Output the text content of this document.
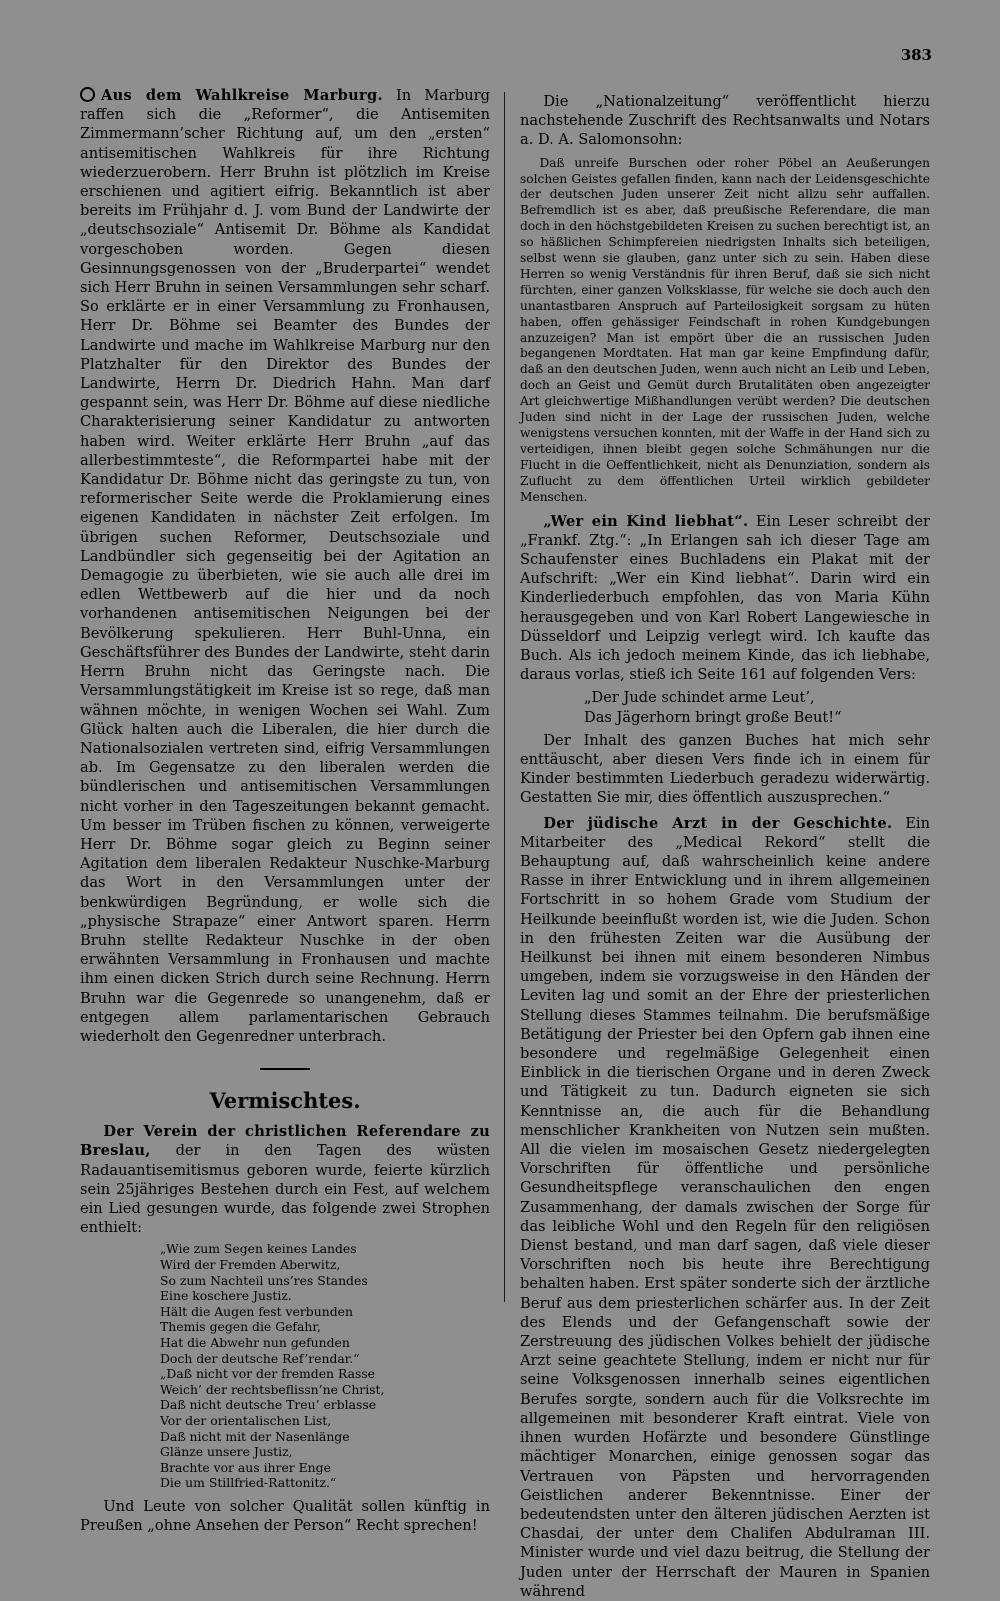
383

Aus dem Wahlkreise Marburg. In Marburg raffen sich die „Reformer“, die Antisemiten Zimmermann’scher Richtung auf, um den „ersten“ antisemitischen Wahlkreis für ihre Richtung wiederzuerobern. Herr Bruhn ist plötzlich im Kreise erschienen und agitiert eifrig. Bekanntlich ist aber bereits im Frühjahr d. J. vom Bund der Landwirte der „deutschsoziale“ Antisemit Dr. Böhme als Kandidat vorgeschoben worden. Gegen diesen Gesinnungsgenossen von der „Bruderpartei“ wendet sich Herr Bruhn in seinen Versammlungen sehr scharf. So erklärte er in einer Versammlung zu Fronhausen, Herr Dr. Böhme sei Beamter des Bundes der Landwirte und mache im Wahlkreise Marburg nur den Platzhalter für den Direktor des Bundes der Landwirte, Herrn Dr. Diedrich Hahn. Man darf gespannt sein, was Herr Dr. Böhme auf diese niedliche Charakterisierung seiner Kandidatur zu antworten haben wird. Weiter erklärte Herr Bruhn „auf das allerbestimmteste“, die Reformpartei habe mit der Kandidatur Dr. Böhme nicht das geringste zu tun, von reformerischer Seite werde die Proklamierung eines eigenen Kandidaten in nächster Zeit erfolgen. Im übrigen suchen Reformer, Deutschsoziale und Landbündler sich gegenseitig bei der Agitation an Demagogie zu überbieten, wie sie auch alle drei im edlen Wettbewerb auf die hier und da noch vorhandenen antisemitischen Neigungen bei der Bevölkerung spekulieren. Herr Buhl-Unna, ein Geschäftsführer des Bundes der Landwirte, steht darin Herrn Bruhn nicht das Geringste nach. Die Versammlungstätigkeit im Kreise ist so rege, daß man wähnen möchte, in wenigen Wochen sei Wahl. Zum Glück halten auch die Liberalen, die hier durch die Nationalsozialen vertreten sind, eifrig Versammlungen ab. Im Gegensatze zu den liberalen werden die bündlerischen und antisemitischen Versammlungen nicht vorher in den Tageszeitungen bekannt gemacht. Um besser im Trüben fischen zu können, verweigerte Herr Dr. Böhme sogar gleich zu Beginn seiner Agitation dem liberalen Redakteur Nuschke-Marburg das Wort in den Versammlungen unter der benkwürdigen Begründung, er wolle sich die „physische Strapaze“ einer Antwort sparen. Herrn Bruhn stellte Redakteur Nuschke in der oben erwähnten Versammlung in Fronhausen und machte ihm einen dicken Strich durch seine Rechnung. Herrn Bruhn war die Gegenrede so unangenehm, daß er entgegen allem parlamentarischen Gebrauch wiederholt den Gegenredner unterbrach.

Vermischtes.

Der Verein der christlichen Referendare zu Breslau, der in den Tagen des wüsten Radauantisemitismus geboren wurde, feierte kürzlich sein 25jähriges Bestehen durch ein Fest, auf welchem ein Lied gesungen wurde, das folgende zwei Strophen enthielt:

„Wie zum Segen keines Landes
Wird der Fremden Aberwitz,
So zum Nachteil uns’res Standes
Eine koschere Justiz.
Hält die Augen fest verbunden
Themis gegen die Gefahr,
Hat die Abwehr nun gefunden
Doch der deutsche Ref’rendar.“
„Daß nicht vor der fremden Rasse
Weich’ der rechtsbeflissn’ne Christ,
Daß nicht deutsche Treu’ erblasse
Vor der orientalischen List,
Daß nicht mit der Nasenlänge
Glänze unsere Justiz,
Brachte vor aus ihrer Enge
Die um Stillfried-Rattonitz.“

Und Leute von solcher Qualität sollen künftig in Preußen „ohne Ansehen der Person“ Recht sprechen!

Die „Nationalzeitung“ veröffentlicht hierzu nachstehende Zuschrift des Rechtsanwalts und Notars a. D. A. Salomonsohn:

Daß unreife Burschen oder roher Pöbel an Aeußerungen solchen Geistes gefallen finden, kann nach der Leidensgeschichte der deutschen Juden unserer Zeit nicht allzu sehr auffallen. Befremdlich ist es aber, daß preußische Referendare, die man doch in den höchstgebildeten Kreisen zu suchen berechtigt ist, an so häßlichen Schimpfereien niedrigsten Inhalts sich beteiligen, selbst wenn sie glauben, ganz unter sich zu sein. Haben diese Herren so wenig Verständnis für ihren Beruf, daß sie sich nicht fürchten, einer ganzen Volksklasse, für welche sie doch auch den unantastbaren Anspruch auf Parteilosigkeit sorgsam zu hüten haben, offen gehässiger Feindschaft in rohen Kundgebungen anzuzeigen? Man ist empört über die an russischen Juden begangenen Mordtaten. Hat man gar keine Empfindung dafür, daß an den deutschen Juden, wenn auch nicht an Leib und Leben, doch an Geist und Gemüt durch Brutalitäten oben angezeigter Art gleichwertige Mißhandlungen verübt werden? Die deutschen Juden sind nicht in der Lage der russischen Juden, welche wenigstens versuchen konnten, mit der Waffe in der Hand sich zu verteidigen, ihnen bleibt gegen solche Schmähungen nur die Flucht in die Oeffentlichkeit, nicht als Denunziation, sondern als Zuflucht zu dem öffentlichen Urteil wirklich gebildeter Menschen.

„Wer ein Kind liebhat“. Ein Leser schreibt der „Frankf. Ztg.“: „In Erlangen sah ich dieser Tage am Schaufenster eines Buchladens ein Plakat mit der Aufschrift: „Wer ein Kind liebhat“. Darin wird ein Kinderliederbuch empfohlen, das von Maria Kühn herausgegeben und von Karl Robert Langewiesche in Düsseldorf und Leipzig verlegt wird. Ich kaufte das Buch. Als ich jedoch meinem Kinde, das ich liebhabe, daraus vorlas, stieß ich Seite 161 auf folgenden Vers:

„Der Jude schindet arme Leut’,
Das Jägerhorn bringt große Beut!“

Der Inhalt des ganzen Buches hat mich sehr enttäuscht, aber diesen Vers finde ich in einem für Kinder bestimmten Liederbuch geradezu widerwärtig. Gestatten Sie mir, dies öffentlich auszusprechen.“

Der jüdische Arzt in der Geschichte. Ein Mitarbeiter des „Medical Rekord“ stellt die Behauptung auf, daß wahrscheinlich keine andere Rasse in ihrer Entwicklung und in ihrem allgemeinen Fortschritt in so hohem Grade vom Studium der Heilkunde beeinflußt worden ist, wie die Juden. Schon in den frühesten Zeiten war die Ausübung der Heilkunst bei ihnen mit einem besonderen Nimbus umgeben, indem sie vorzugsweise in den Händen der Leviten lag und somit an der Ehre der priesterlichen Stellung dieses Stammes teilnahm. Die berufsmäßige Betätigung der Priester bei den Opfern gab ihnen eine besondere und regelmäßige Gelegenheit einen Einblick in die tierischen Organe und in deren Zweck und Tätigkeit zu tun. Dadurch eigneten sie sich Kenntnisse an, die auch für die Behandlung menschlicher Krankheiten von Nutzen sein mußten. All die vielen im mosaischen Gesetz niedergelegten Vorschriften für öffentliche und persönliche Gesundheitspflege veranschaulichen den engen Zusammenhang, der damals zwischen der Sorge für das leibliche Wohl und den Regeln für den religiösen Dienst bestand, und man darf sagen, daß viele dieser Vorschriften noch bis heute ihre Berechtigung behalten haben. Erst später sonderte sich der ärztliche Beruf aus dem priesterlichen schärfer aus. In der Zeit des Elends und der Gefangenschaft sowie der Zerstreuung des jüdischen Volkes behielt der jüdische Arzt seine geachtete Stellung, indem er nicht nur für seine Volksgenossen innerhalb seines eigentlichen Berufes sorgte, sondern auch für die Volksrechte im allgemeinen mit besonderer Kraft eintrat. Viele von ihnen wurden Hofärzte und besondere Günstlinge mächtiger Monarchen, einige genossen sogar das Vertrauen von Päpsten und hervorragenden Geistlichen anderer Bekenntnisse. Einer der bedeutendsten unter den älteren jüdischen Aerzten ist Chasdai, der unter dem Chalifen Abdulraman III. Minister wurde und viel dazu beitrug, die Stellung der Juden unter der Herrschaft der Mauren in Spanien während
